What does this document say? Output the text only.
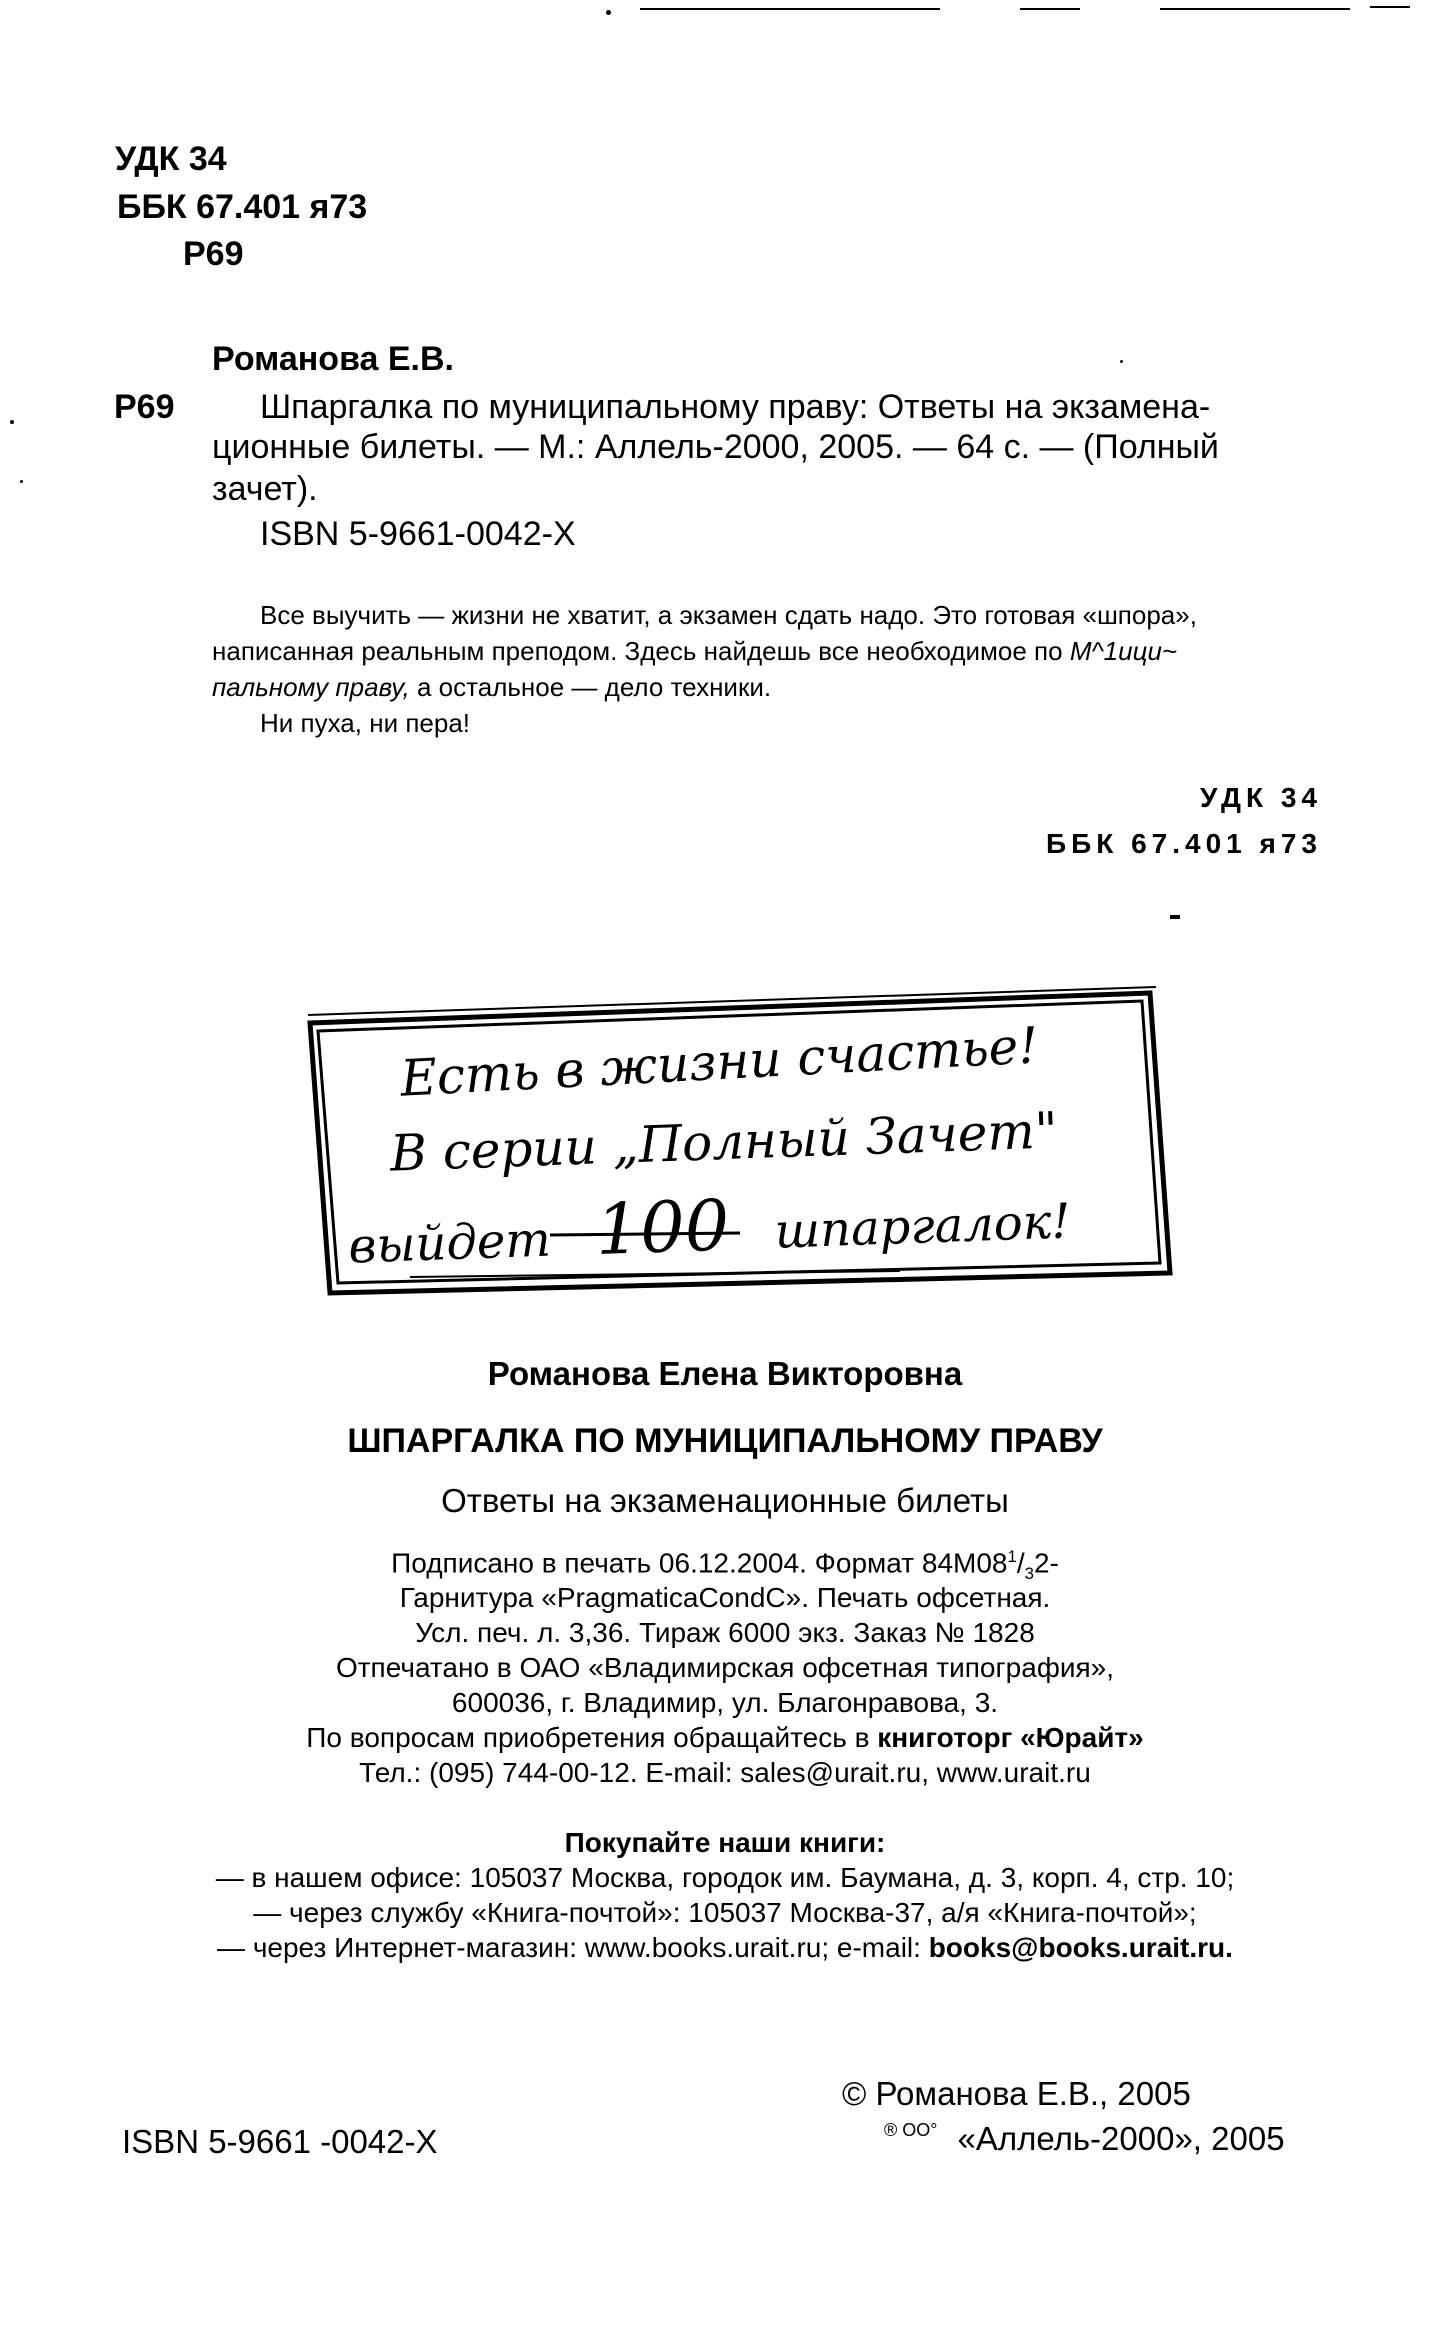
УДК 34
ББК 67.401 я73
Р69
Романова Е.В.
Р69	Шпаргалка по муниципальному праву: Ответы на экзамена-
ционные билеты. — М.: Аллель-2000, 2005. — 64 с. — (Полный
зачет).
ISBN 5-9661-0042-X
Все выучить — жизни не хватит, а экзамен сдать надо. Это готовая «шпора»,
написанная реальным преподом. Здесь найдешь все необходимое по М^1ици~
пальному праву, а остальное — дело техники.
Ни пуха, ни пера!
УДК 34
ББК 67.401 я73
Есть в жизни счастье!
В серии „Полный Зачет"
выйдет 100 шпаргалок!
Романова Елена Викторовна
ШПАРГАЛКА ПО МУНИЦИПАЛЬНОМУ ПРАВУ
Ответы на экзаменационные билеты
Подписано в печать 06.12.2004. Формат $84М08^1/_32-$
Гарнитура «PragmaticaCondC». Печать офсетная.
Усл. печ. л. 3,36. Тираж 6000 экз. Заказ № 1828
Отпечатано в ОАО «Владимирская офсетная типография»,
600036, г. Владимир, ул. Благонравова, 3.
По вопросам приобретения обращайтесь в книготорг «Юрайт»
Тел.: (095) 744-00-12. E-mail: sales@urait.ru, www.urait.ru
Покупайте наши книги:
— в нашем офисе: 105037 Москва, городок им. Баумана, д. 3, корп. 4, стр. 10;
— через службу «Книга-почтой»: 105037 Москва-37, а/я «Книга-почтой»;
— через Интернет-магазин: www.books.urait.ru; e-mail: books@books.urait.ru.
ISBN 5-9661 -0042-X
© Романова Е.В., 2005
$^{® ОО^\circ}$ «Аллель-2000», 2005
